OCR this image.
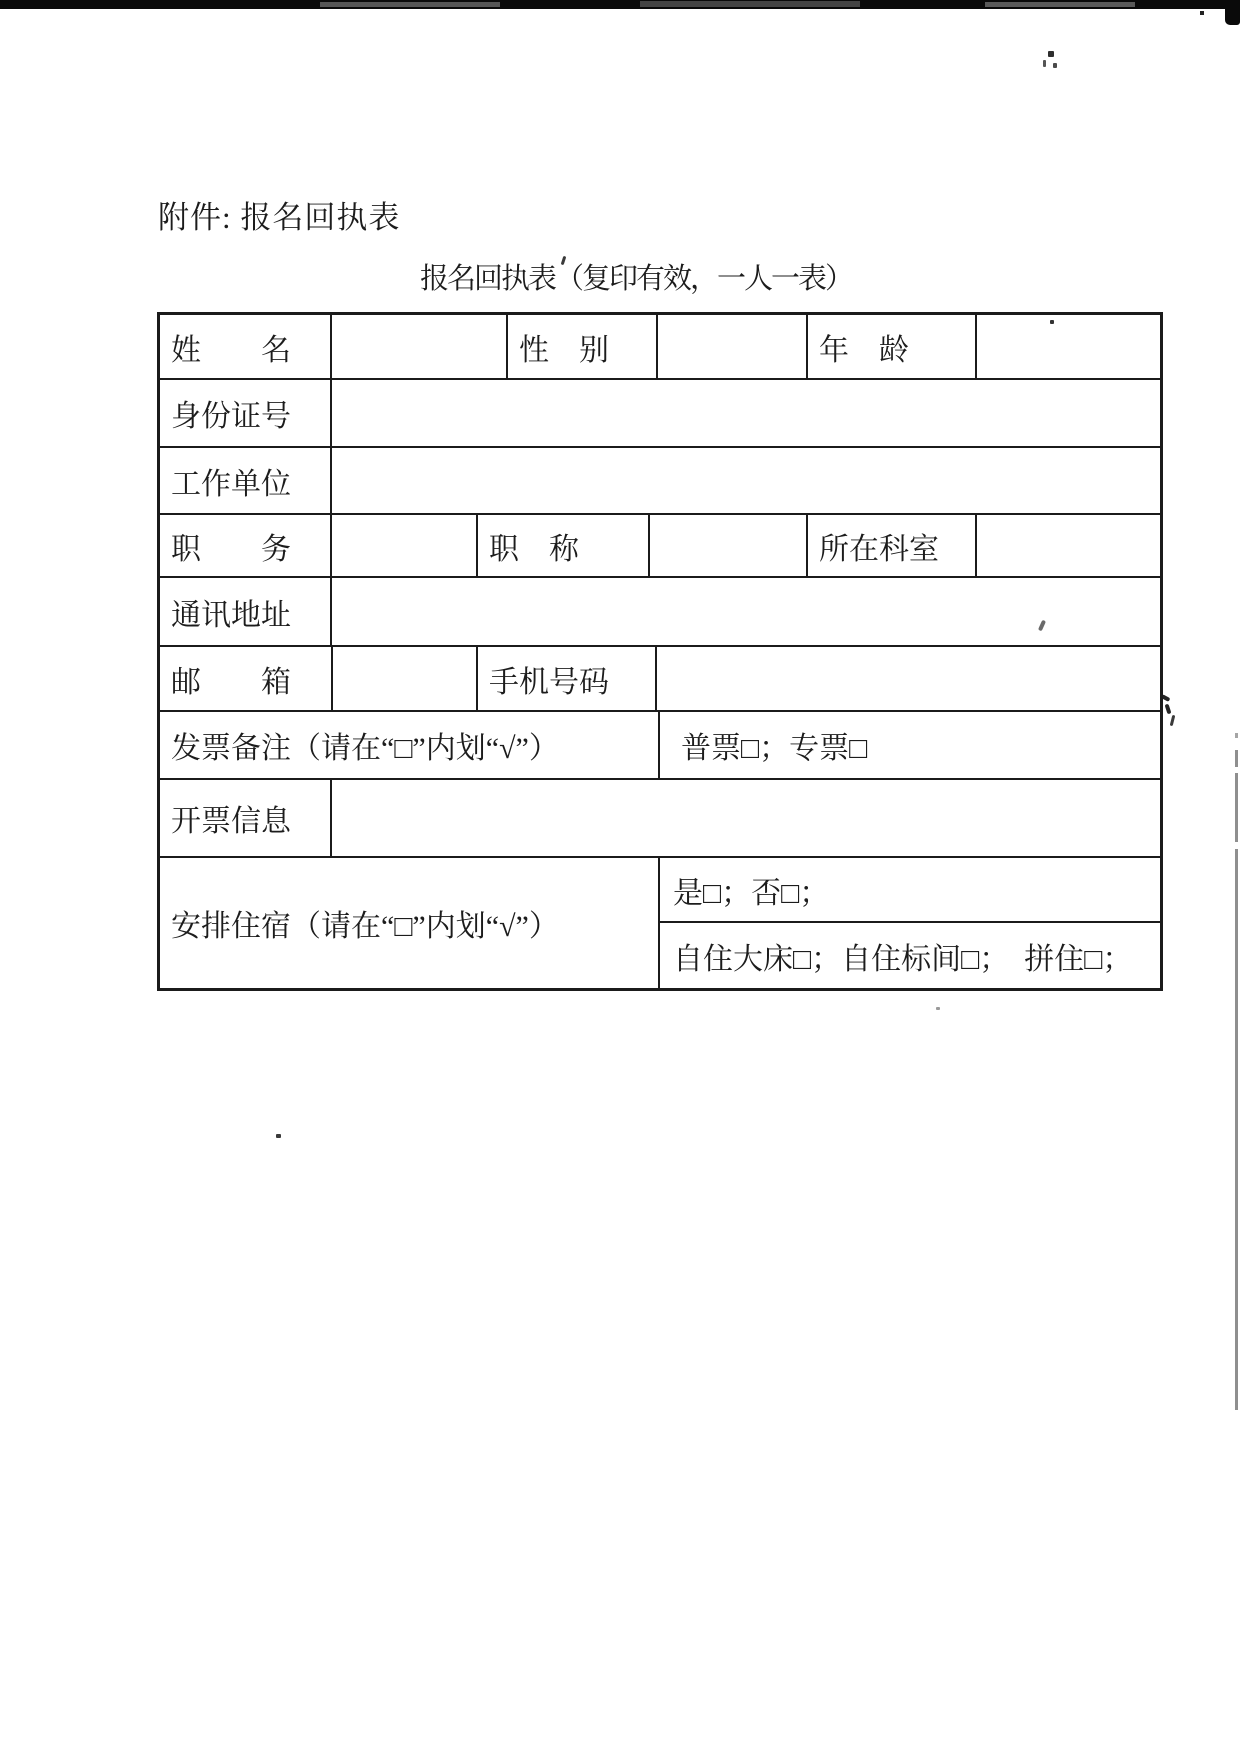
附件: 报名回执表
报名回执表（复印有效，一人一表）
姓　　名	性　别	年　龄
身份证号
工作单位
职　　务	职　称	所在科室
通讯地址
邮　　箱	手机号码
发票备注（请在“□”内划“√”）	普票□；专票□
开票信息
安排住宿（请在“□”内划“√”）
是□；否□；
自住大床□；自住标间□；　拼住□；
